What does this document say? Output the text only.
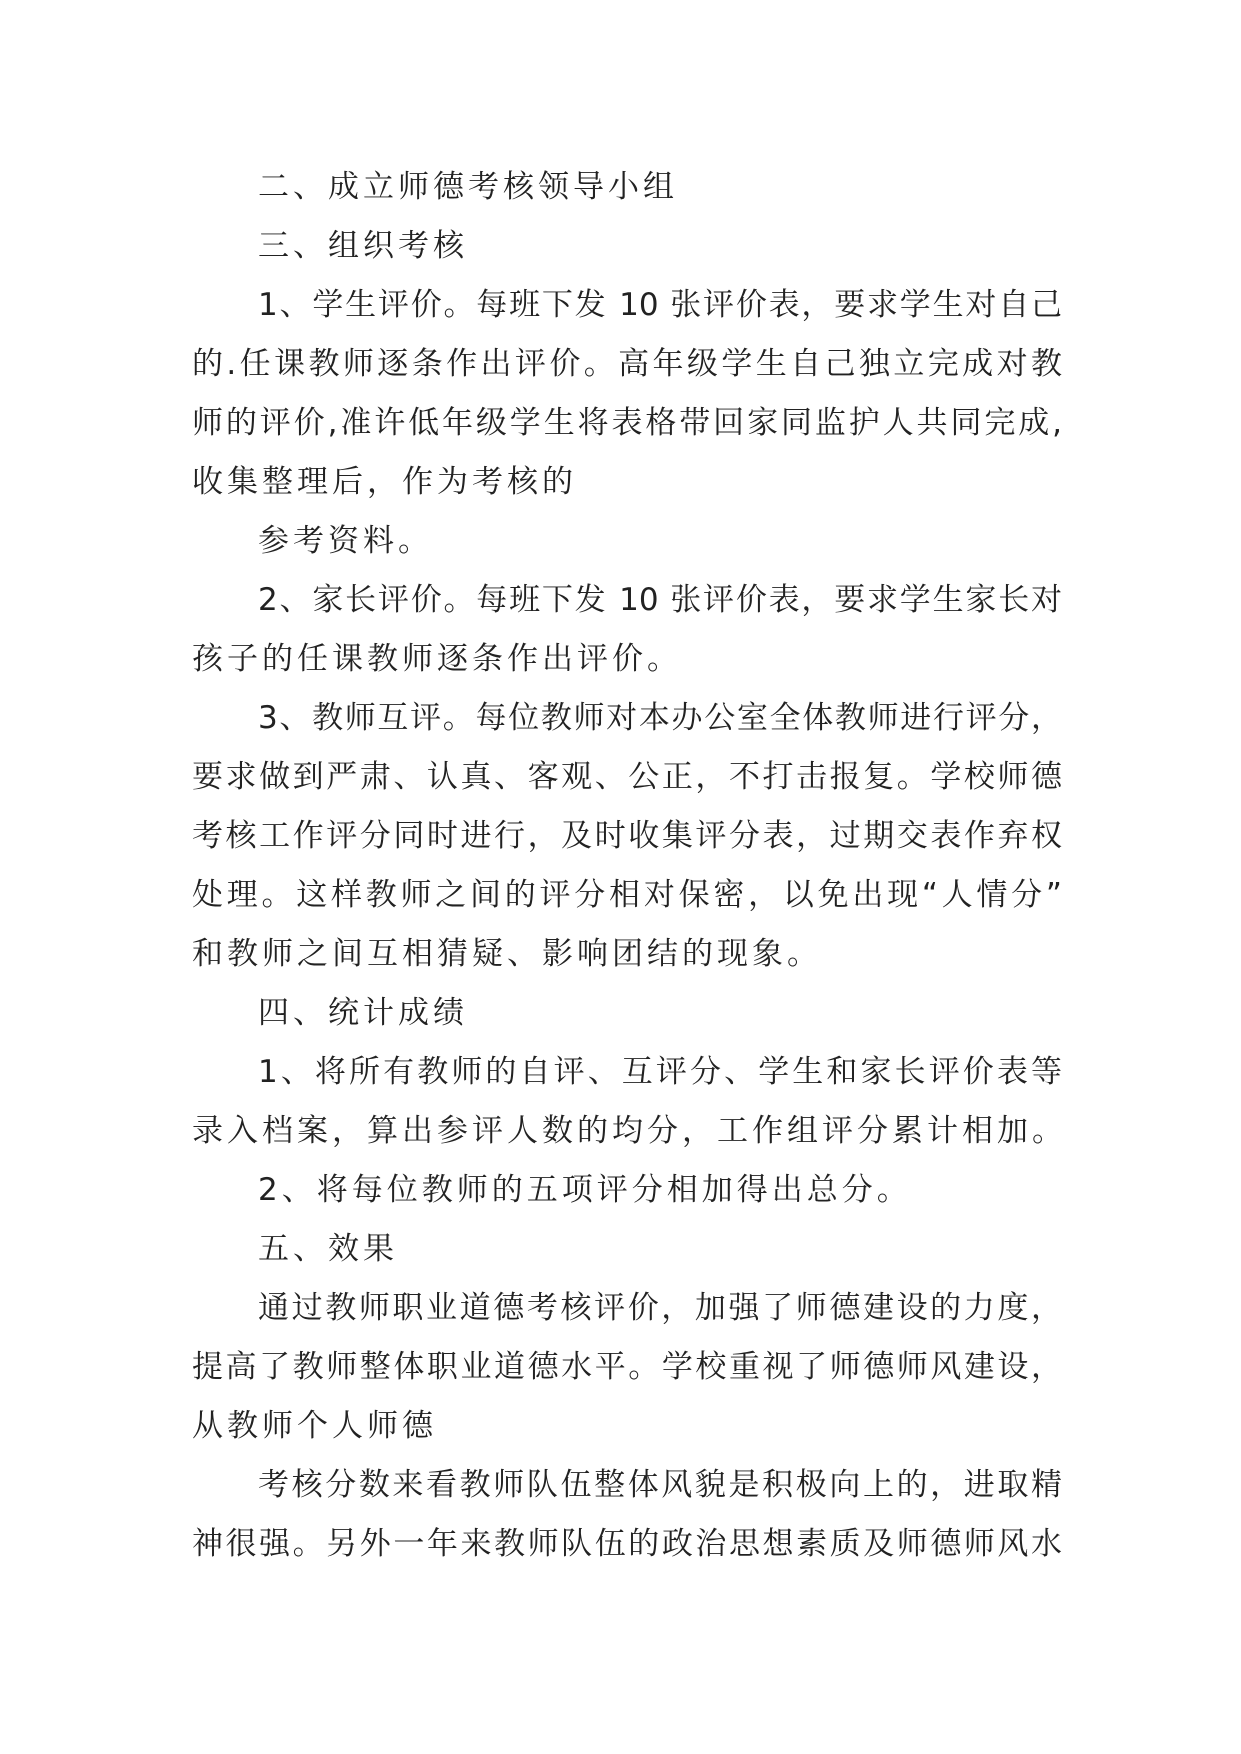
二、成立师德考核领导小组
三、组织考核
1、学生评价。每班下发 10 张评价表，要求学生对自己
的.任课教师逐条作出评价。高年级学生自己独立完成对教
师的评价,准许低年级学生将表格带回家同监护人共同完成,
收集整理后，作为考核的
参考资料。
2、家长评价。每班下发 10 张评价表，要求学生家长对
孩子的任课教师逐条作出评价。
3、教师互评。每位教师对本办公室全体教师进行评分，
要求做到严肃、认真、客观、公正，不打击报复。学校师德
考核工作评分同时进行，及时收集评分表，过期交表作弃权
处理。这样教师之间的评分相对保密，以免出现“人情分”
和教师之间互相猜疑、影响团结的现象。
四、统计成绩
1、将所有教师的自评、互评分、学生和家长评价表等
录入档案，算出参评人数的均分，工作组评分累计相加。
2、将每位教师的五项评分相加得出总分。
五、效果
通过教师职业道德考核评价，加强了师德建设的力度，
提高了教师整体职业道德水平。学校重视了师德师风建设，
从教师个人师德
考核分数来看教师队伍整体风貌是积极向上的，进取精
神很强。另外一年来教师队伍的政治思想素质及师德师风水
